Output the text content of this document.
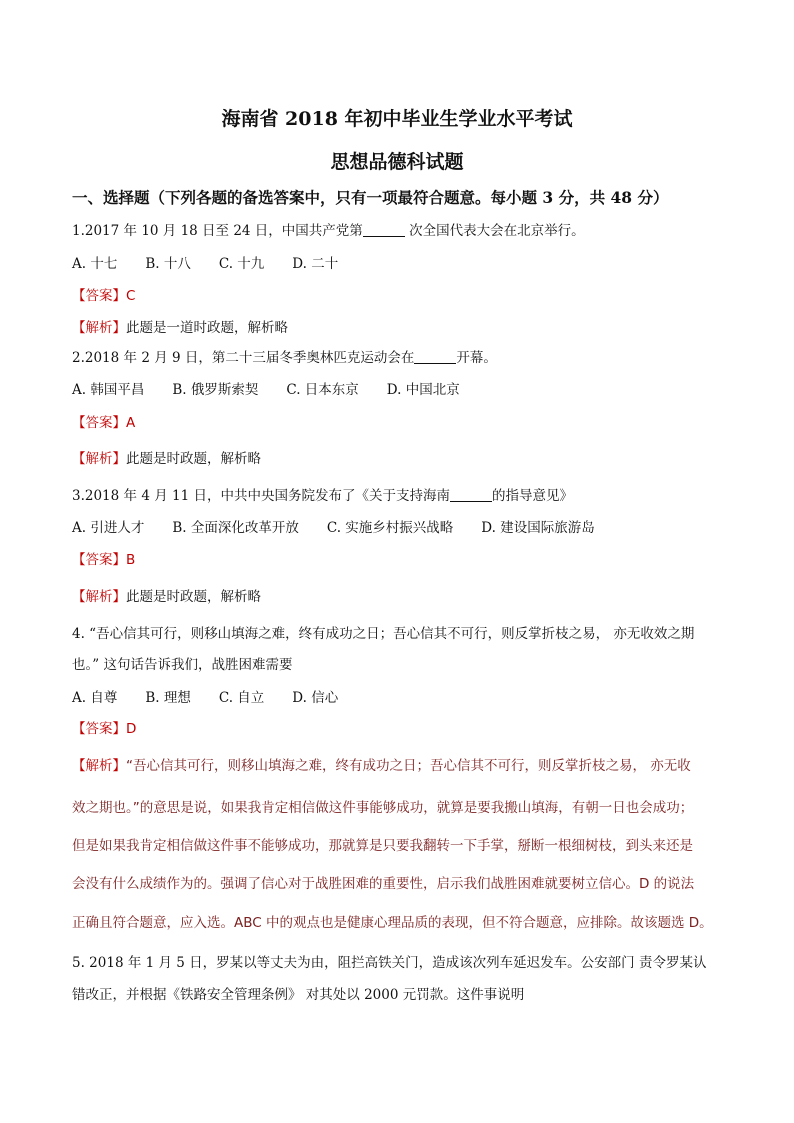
海南省 2018 年初中毕业生学业水平考试
思想品德科试题
一、选择题（下列各题的备选答案中，只有一项最符合题意。每小题 3 分，共 48 分）
1.2017 年 10 月 18 日至 24 日，中国共产党第	次全国代表大会在北京举行。
A. 十七 B. 十八 C. 十九 D. 二十
【答案】C
【解析】此题是一道时政题，解析略
2.2018 年 2 月 9 日，第二十三届冬季奥林匹克运动会在	开幕。
A. 韩国平昌 B. 俄罗斯索契 C. 日本东京 D. 中国北京
【答案】A
【解析】此题是时政题，解析略
3.2018 年 4 月 11 日，中共中央国务院发布了《关于支持海南	的指导意见》
A. 引进人才 B. 全面深化改革开放 C. 实施乡村振兴战略 D. 建设国际旅游岛
【答案】B
【解析】此题是时政题，解析略
4. “吾心信其可行，则移山填海之难，终有成功之日；吾心信其不可行，则反掌折枝之易， 亦无收效之期
也。” 这句话告诉我们，战胜困难需要
A. 自尊 B. 理想 C. 自立 D. 信心
【答案】D
【解析】“吾心信其可行，则移山填海之难，终有成功之日；吾心信其不可行，则反掌折枝之易， 亦无收
效之期也。”的意思是说，如果我肯定相信做这件事能够成功，就算是要我搬山填海，有朝一日也会成功；
但是如果我肯定相信做这件事不能够成功，那就算是只要我翻转一下手掌，掰断一根细树枝，到头来还是
会没有什么成绩作为的。强调了信心对于战胜困难的重要性，启示我们战胜困难就要树立信心。D 的说法
正确且符合题意，应入选。ABC 中的观点也是健康心理品质的表现，但不符合题意，应排除。故该题选 D。
5. 2018 年 1 月 5 日，罗某以等丈夫为由，阻拦高铁关门，造成该次列车延迟发车。公安部门 责令罗某认
错改正，并根据《铁路安全管理条例》 对其处以 2000 元罚款。这件事说明
